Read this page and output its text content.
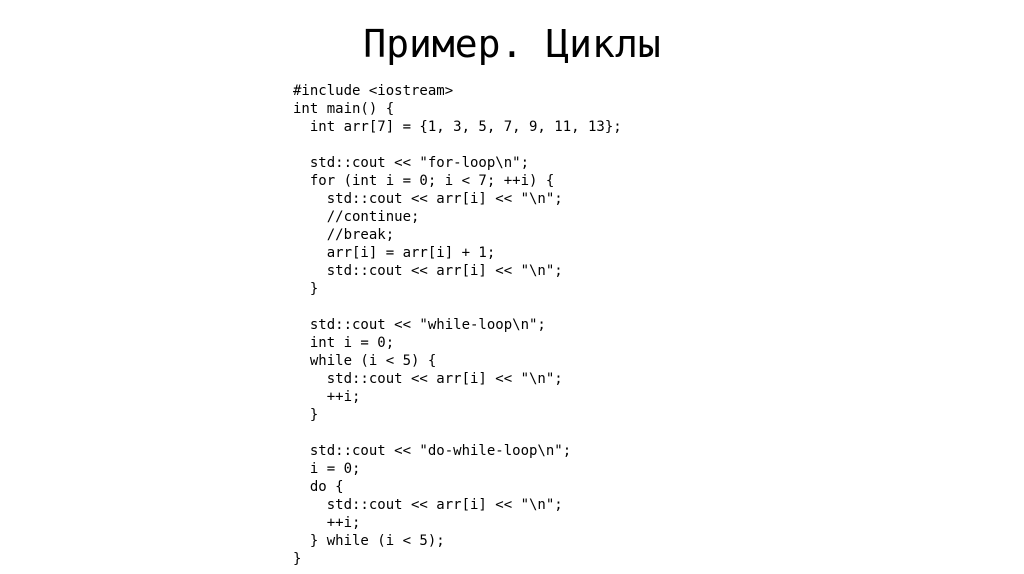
Пример. Циклы
#include <iostream>
int main() {
int arr[7] = {1, 3, 5, 7, 9, 11, 13};
std::cout << "for-loop\n";
for (int i = 0; i < 7; ++i) {
std::cout << arr[i] << "\n";
//continue;
//break;
arr[i] = arr[i] + 1;
std::cout << arr[i] << "\n";
}
std::cout << "while-loop\n";
int i = 0;
while (i < 5) {
std::cout << arr[i] << "\n";
++i;
}
std::cout << "do-while-loop\n";
i = 0;
do {
std::cout << arr[i] << "\n";
++i;
} while (i < 5);
}
